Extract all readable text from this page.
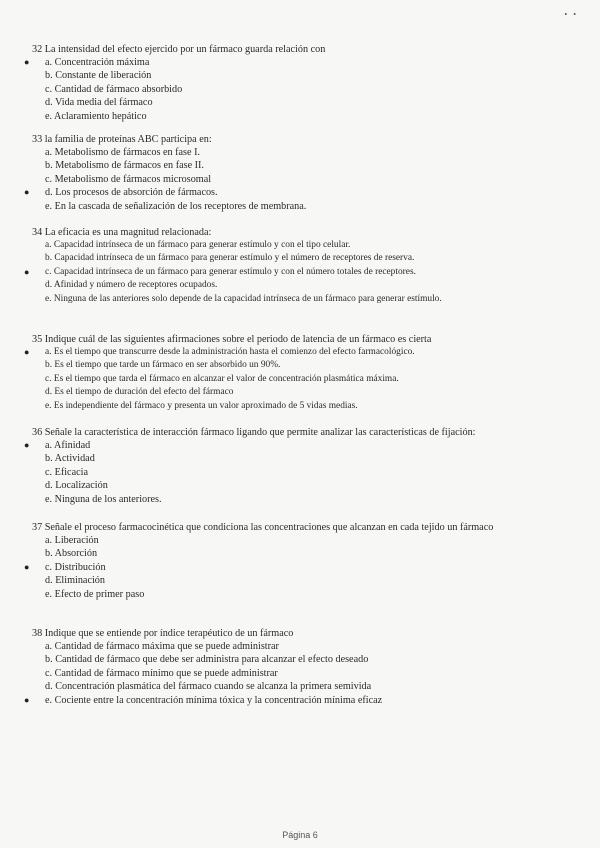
• •
32 La intensidad del efecto ejercido por un fármaco guarda relación con
● a. Concentración máxima
b. Constante de liberación
c. Cantidad de fármaco absorbido
d. Vida media del fármaco
e. Aclaramiento hepático
33 la familia de proteínas ABC participa en:
a. Metabolismo de fármacos en fase I.
b. Metabolismo de fármacos en fase II.
c. Metabolismo de fármacos microsomal
● d. Los procesos de absorción de fármacos.
e. En la cascada de señalización de los receptores de membrana.
34 La eficacia es una magnitud relacionada:
a. Capacidad intrínseca de un fármaco para generar estímulo y con el tipo celular.
b. Capacidad intrínseca de un fármaco para generar estímulo y el número de receptores de reserva.
● c. Capacidad intrínseca de un fármaco para generar estímulo y con el número totales de receptores.
d. Afinidad y número de receptores ocupados.
e. Ninguna de las anteriores solo depende de la capacidad intrínseca de un fármaco para generar estímulo.
35 Indique cuál de las siguientes afirmaciones sobre el periodo de latencia de un fármaco es cierta
● a. Es el tiempo que transcurre desde la administración hasta el comienzo del efecto farmacológico.
b. Es el tiempo que tarde un fármaco en ser absorbido un 90%.
c. Es el tiempo que tarda el fármaco en alcanzar el valor de concentración plasmática máxima.
d. Es el tiempo de duración del efecto del fármaco
e. Es independiente del fármaco y presenta un valor aproximado de 5 vidas medias.
36 Señale la característica de interacción fármaco ligando que permite analizar las características de fijación:
● a. Afinidad
b. Actividad
c. Eficacia
d. Localización
e. Ninguna de los anteriores.
37 Señale el proceso farmacocinética que condiciona las concentraciones que alcanzan en cada tejido un fármaco
a. Liberación
b. Absorción
● c. Distribución
d. Eliminación
e. Efecto de primer paso
38 Indique que se entiende por índice terapéutico de un fármaco
a. Cantidad de fármaco máxima que se puede administrar
b. Cantidad de fármaco que debe ser administra para alcanzar el efecto deseado
c. Cantidad de fármaco mínimo que se puede administrar
d. Concentración plasmática del fármaco cuando se alcanza la primera semivida
● e. Cociente entre la concentración mínima tóxica y la concentración mínima eficaz
Página 6
